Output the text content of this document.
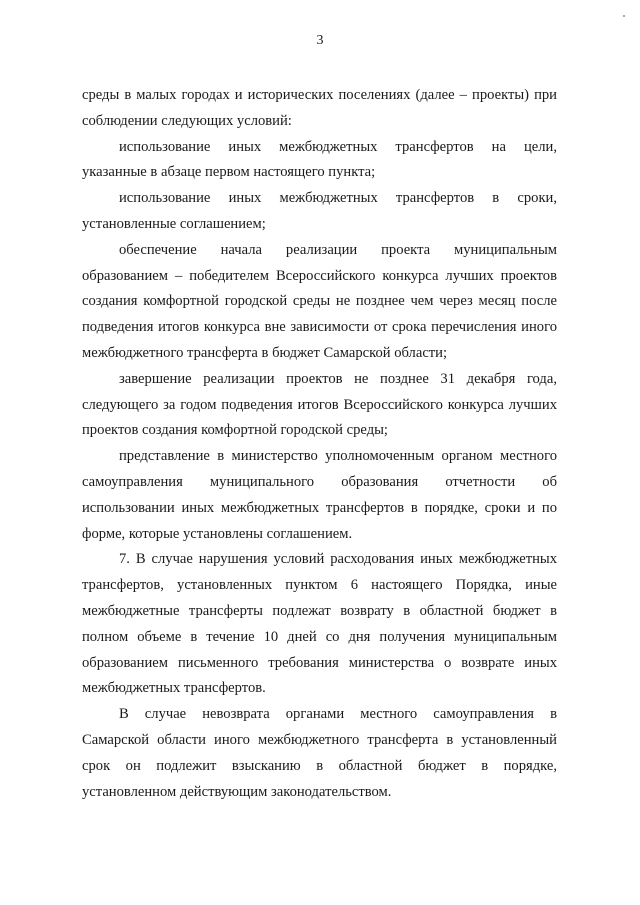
3
среды в малых городах и исторических поселениях (далее – проекты) при
соблюдении следующих условий:
использование иных межбюджетных трансфертов на цели,
указанные в абзаце первом настоящего пункта;
использование иных межбюджетных трансфертов в сроки,
установленные соглашением;
обеспечение начала реализации проекта муниципальным
образованием – победителем Всероссийского конкурса лучших проектов
создания комфортной городской среды не позднее чем через месяц после
подведения итогов конкурса вне зависимости от срока перечисления иного
межбюджетного трансферта в бюджет Самарской области;
завершение реализации проектов не позднее 31 декабря года,
следующего за годом подведения итогов Всероссийского конкурса лучших
проектов создания комфортной городской среды;
представление в министерство уполномоченным органом местного
самоуправления муниципального образования отчетности об
использовании иных межбюджетных трансфертов в порядке, сроки и по
форме, которые установлены соглашением.
7. В случае нарушения условий расходования иных межбюджетных
трансфертов, установленных пунктом 6 настоящего Порядка, иные
межбюджетные трансферты подлежат возврату в областной бюджет в
полном объеме в течение 10 дней со дня получения муниципальным
образованием письменного требования министерства о возврате иных
межбюджетных трансфертов.
В случае невозврата органами местного самоуправления в
Самарской области иного межбюджетного трансферта в установленный
срок он подлежит взысканию в областной бюджет в порядке,
установленном действующим законодательством.
